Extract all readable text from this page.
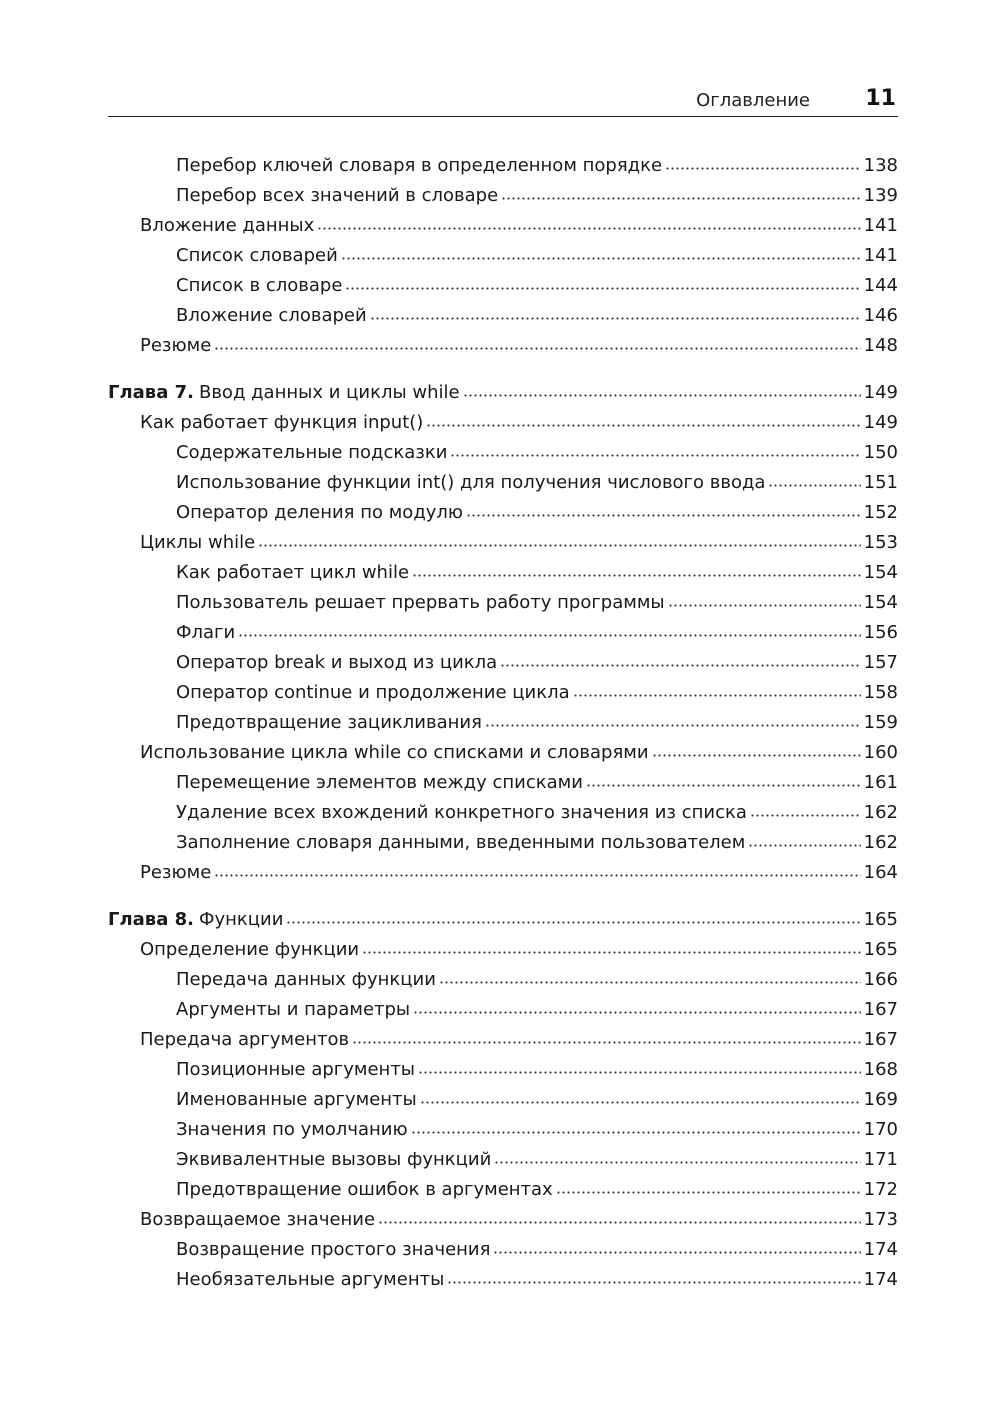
Оглавление	11
Перебор ключей словаря в определенном порядке	138
Перебор всех значений в словаре	139
Вложение данных	141
Список словарей	141
Список в словаре	144
Вложение словарей	146
Резюме	148
Глава 7. Ввод данных и циклы while	149
Как работает функция input()	149
Содержательные подсказки	150
Использование функции int() для получения числового ввода	151
Оператор деления по модулю	152
Циклы while	153
Как работает цикл while	154
Пользователь решает прервать работу программы	154
Флаги	156
Оператор break и выход из цикла	157
Оператор continue и продолжение цикла	158
Предотвращение зацикливания	159
Использование цикла while со списками и словарями	160
Перемещение элементов между списками	161
Удаление всех вхождений конкретного значения из списка	162
Заполнение словаря данными, введенными пользователем	162
Резюме	164
Глава 8. Функции	165
Определение функции	165
Передача данных функции	166
Аргументы и параметры	167
Передача аргументов	167
Позиционные аргументы	168
Именованные аргументы	169
Значения по умолчанию	170
Эквивалентные вызовы функций	171
Предотвращение ошибок в аргументах	172
Возвращаемое значение	173
Возвращение простого значения	174
Необязательные аргументы	174
